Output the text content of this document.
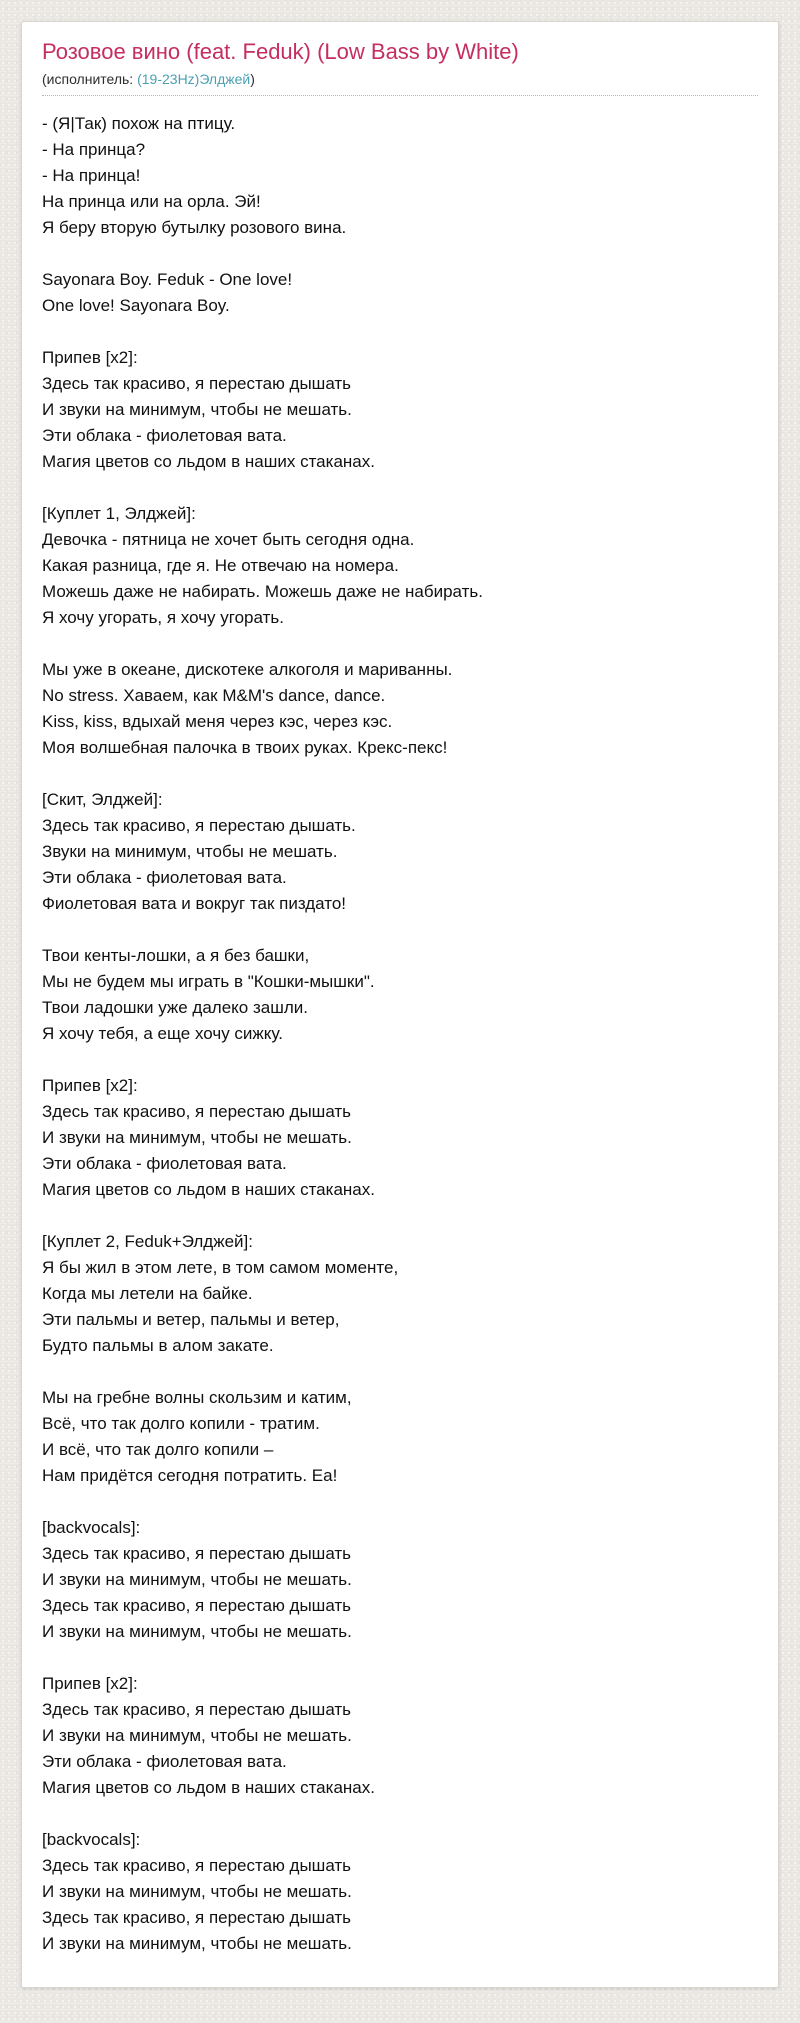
Розовое вино (feat. Feduk) (Low Bass by White)
(исполнитель: (19-23Hz)Элджей)
- (Я|Так) похож на птицу.
- На принца?
- На принца!
На принца или на орла. Эй!
Я беру вторую бутылку розового вина.

Sayonara Boy. Feduk - One love!
One love! Sayonara Boy.

Припев [x2]:
Здесь так красиво, я перестаю дышать
И звуки на минимум, чтобы не мешать.
Эти облака - фиолетовая вата.
Магия цветов со льдом в наших стаканах.

[Куплет 1, Элджей]:
Девочка - пятница не хочет быть сегодня одна.
Какая разница, где я. Не отвечаю на номера.
Можешь даже не набирать. Можешь даже не набирать.
Я хочу угорать, я хочу угорать.

Мы уже в океане, дискотеке алкоголя и мариванны.
No stress. Хаваем, как M&M's dance, dance.
Kiss, kiss, вдыхай меня через кэс, через кэс.
Моя волшебная палочка в твоих руках. Крекс-пекс!

[Скит, Элджей]:
Здесь так красиво, я перестаю дышать.
Звуки на минимум, чтобы не мешать.
Эти облака - фиолетовая вата.
Фиолетовая вата и вокруг так пиздато!

Твои кенты-лошки, а я без башки,
Мы не будем мы играть в "Кошки-мышки".
Твои ладошки уже далеко зашли.
Я хочу тебя, а еще хочу сижку.

Припев [x2]:
Здесь так красиво, я перестаю дышать
И звуки на минимум, чтобы не мешать.
Эти облака - фиолетовая вата.
Магия цветов со льдом в наших стаканах.

[Куплет 2, Feduk+Элджей]:
Я бы жил в этом лете, в том самом моменте,
Когда мы летели на байке.
Эти пальмы и ветер, пальмы и ветер,
Будто пальмы в алом закате.

Мы на гребне волны скользим и катим,
Всё, что так долго копили - тратим.
И всё, что так долго копили –
Нам придётся сегодня потратить. Еа!

[backvocals]:
Здесь так красиво, я перестаю дышать
И звуки на минимум, чтобы не мешать.
Здесь так красиво, я перестаю дышать
И звуки на минимум, чтобы не мешать.

Припев [x2]:
Здесь так красиво, я перестаю дышать
И звуки на минимум, чтобы не мешать.
Эти облака - фиолетовая вата.
Магия цветов со льдом в наших стаканах.

[backvocals]:
Здесь так красиво, я перестаю дышать
И звуки на минимум, чтобы не мешать.
Здесь так красиво, я перестаю дышать
И звуки на минимум, чтобы не мешать.
